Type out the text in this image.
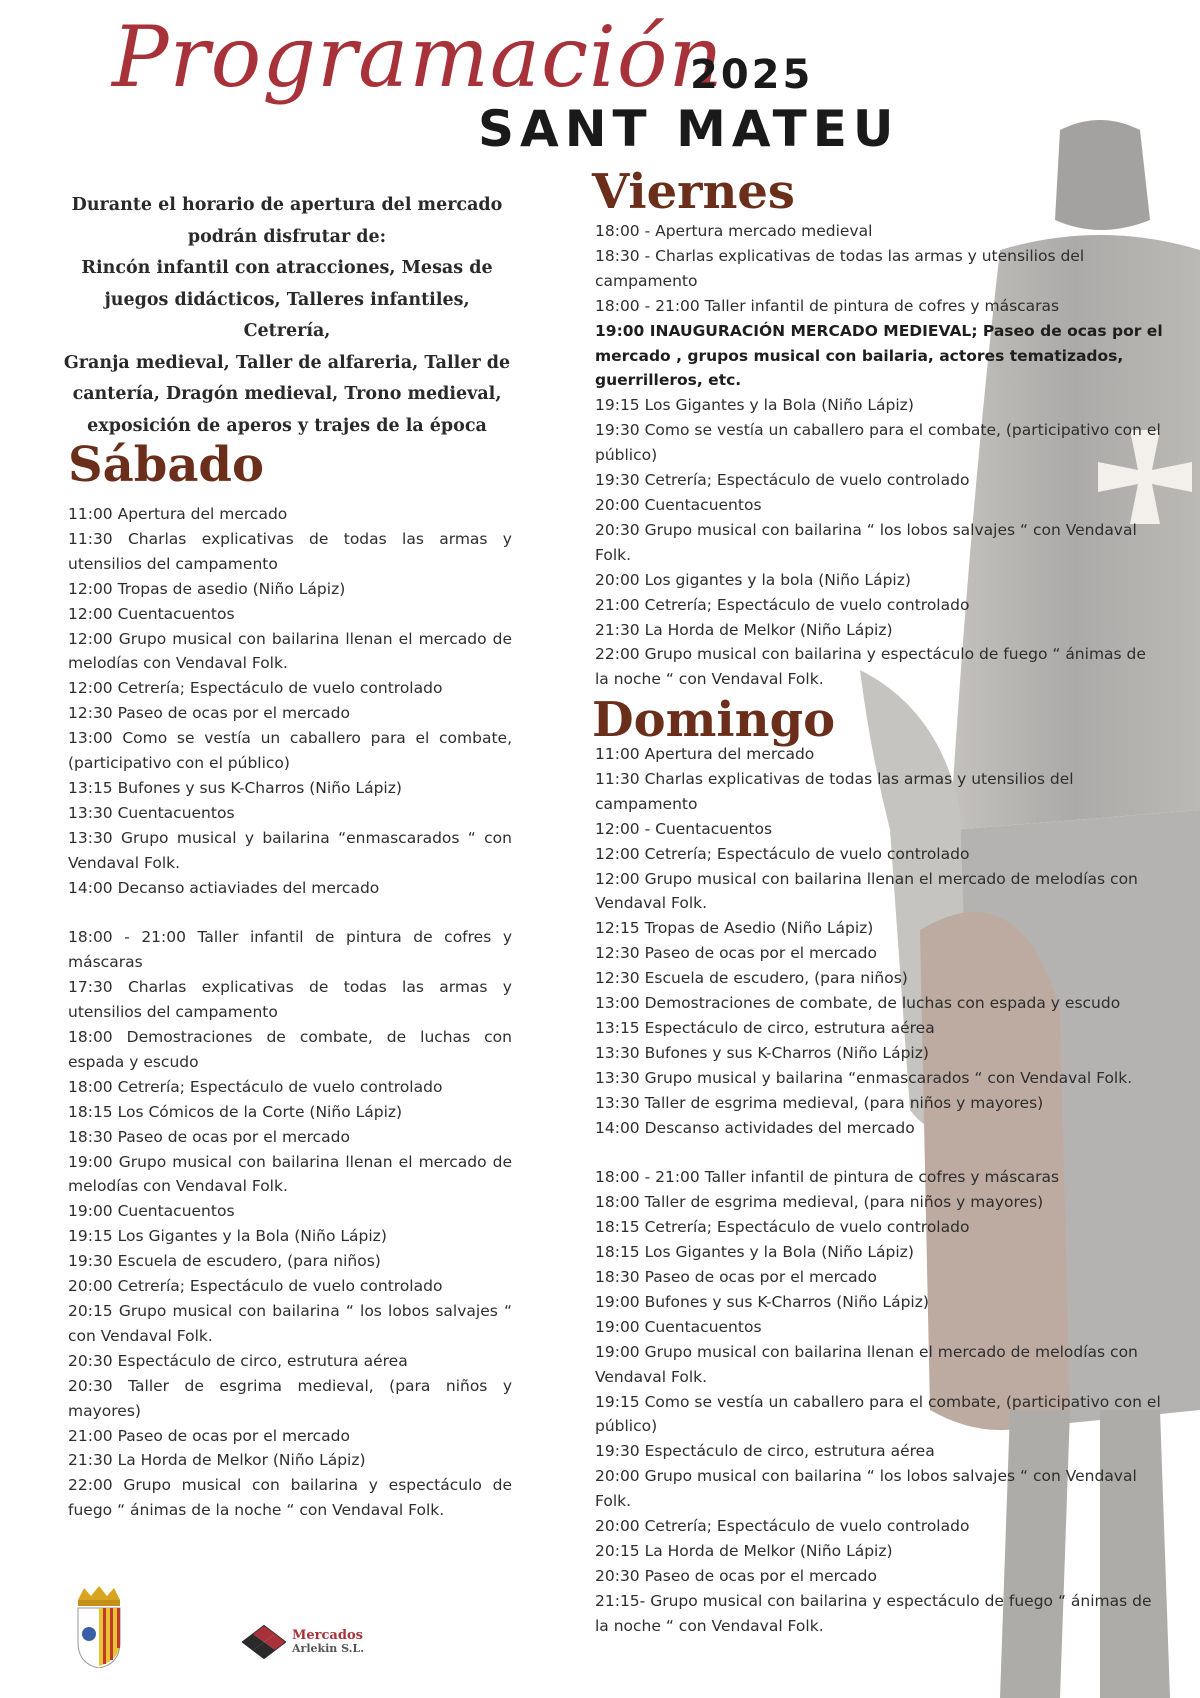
Programación
2025
SANT MATEU

Durante el horario de apertura del mercado

podrán disfrutar de:

Rincón infantil con atracciones, Mesas de

juegos didácticos, Talleres infantiles, Cetrería,

Granja medieval, Taller de alfareria, Taller de

cantería, Dragón medieval, Trono medieval,

exposición de aperos y trajes de la época

Sábado
11:00 Apertura del mercado
11:30 Charlas explicativas de todas las armas y utensilios del campamento
12:00 Tropas de asedio (Niño Lápiz)
12:00 Cuentacuentos
12:00 Grupo musical con bailarina llenan el mercado de melodías con Vendaval Folk.
12:00 Cetrería; Espectáculo de vuelo controlado
12:30 Paseo de ocas por el mercado
13:00 Como se vestía un caballero para el combate, (participativo con el público)
13:15 Bufones y sus K-Charros (Niño Lápiz)
13:30 Cuentacuentos
13:30 Grupo musical y bailarina “enmascarados “ con Vendaval Folk.
14:00 Decanso actiaviades del mercado
18:00 - 21:00 Taller infantil de pintura de cofres y máscaras
17:30 Charlas explicativas de todas las armas y utensilios del campamento
18:00 Demostraciones de combate, de luchas con espada y escudo
18:00 Cetrería; Espectáculo de vuelo controlado
18:15 Los Cómicos de la Corte (Niño Lápiz)
18:30 Paseo de ocas por el mercado
19:00 Grupo musical con bailarina llenan el mercado de melodías con Vendaval Folk.
19:00 Cuentacuentos
19:15 Los Gigantes y la Bola (Niño Lápiz)
19:30 Escuela de escudero, (para niños)
20:00 Cetrería; Espectáculo de vuelo controlado
20:15 Grupo musical con bailarina “ los lobos salvajes “ con Vendaval Folk.
20:30 Espectáculo de circo, estrutura aérea
20:30 Taller de esgrima medieval, (para niños y mayores)
21:00 Paseo de ocas por el mercado
21:30 La Horda de Melkor (Niño Lápiz)
22:00 Grupo musical con bailarina y espectáculo de fuego “ ánimas de la noche “ con Vendaval Folk.
Viernes
18:00 - Apertura mercado medieval
18:30 - Charlas explicativas de todas las armas y utensilios del campamento
18:00 - 21:00 Taller infantil de pintura de cofres y máscaras
19:00 INAUGURACIÓN MERCADO MEDIEVAL; Paseo de ocas por el mercado , grupos musical con bailaria, actores tematizados, guerrilleros, etc.
19:15 Los Gigantes y la Bola (Niño Lápiz)
19:30 Como se vestía un caballero para el combate, (participativo con el público)
19:30 Cetrería; Espectáculo de vuelo controlado
20:00 Cuentacuentos
20:30 Grupo musical con bailarina “ los lobos salvajes “ con Vendaval Folk.
20:00 Los gigantes y la bola (Niño Lápiz)
21:00 Cetrería; Espectáculo de vuelo controlado
21:30 La Horda de Melkor (Niño Lápiz)
22:00 Grupo musical con bailarina y espectáculo de fuego “ ánimas de la noche “ con Vendaval Folk.
Domingo
11:00 Apertura del mercado
11:30 Charlas explicativas de todas las armas y utensilios del campamento
12:00 - Cuentacuentos
12:00 Cetrería; Espectáculo de vuelo controlado
12:00 Grupo musical con bailarina llenan el mercado de melodías con Vendaval Folk.
12:15 Tropas de Asedio (Niño Lápiz)
12:30 Paseo de ocas por el mercado
12:30 Escuela de escudero, (para niños)
13:00 Demostraciones de combate, de luchas con espada y escudo
13:15 Espectáculo de circo, estrutura aérea
13:30 Bufones y sus K-Charros (Niño Lápiz)
13:30 Grupo musical y bailarina “enmascarados “ con Vendaval Folk.
13:30 Taller de esgrima medieval, (para niños y mayores)
14:00 Descanso actividades del mercado
18:00 - 21:00 Taller infantil de pintura de cofres y máscaras
18:00 Taller de esgrima medieval, (para niños y mayores)
18:15 Cetrería; Espectáculo de vuelo controlado
18:15 Los Gigantes y la Bola (Niño Lápiz)
18:30 Paseo de ocas por el mercado
19:00 Bufones y sus K-Charros (Niño Lápiz)
19:00 Cuentacuentos
19:00 Grupo musical con bailarina llenan el mercado de melodías con Vendaval Folk.
19:15 Como se vestía un caballero para el combate, (participativo con el público)
19:30 Espectáculo de circo, estrutura aérea
20:00 Grupo musical con bailarina “ los lobos salvajes “ con Vendaval Folk.
20:00 Cetrería; Espectáculo de vuelo controlado
20:15 La Horda de Melkor (Niño Lápiz)
20:30 Paseo de ocas por el mercado
21:15- Grupo musical con bailarina y espectáculo de fuego “ ánimas de la noche “ con Vendaval Folk.
Mercados
Arlekin S.L.
